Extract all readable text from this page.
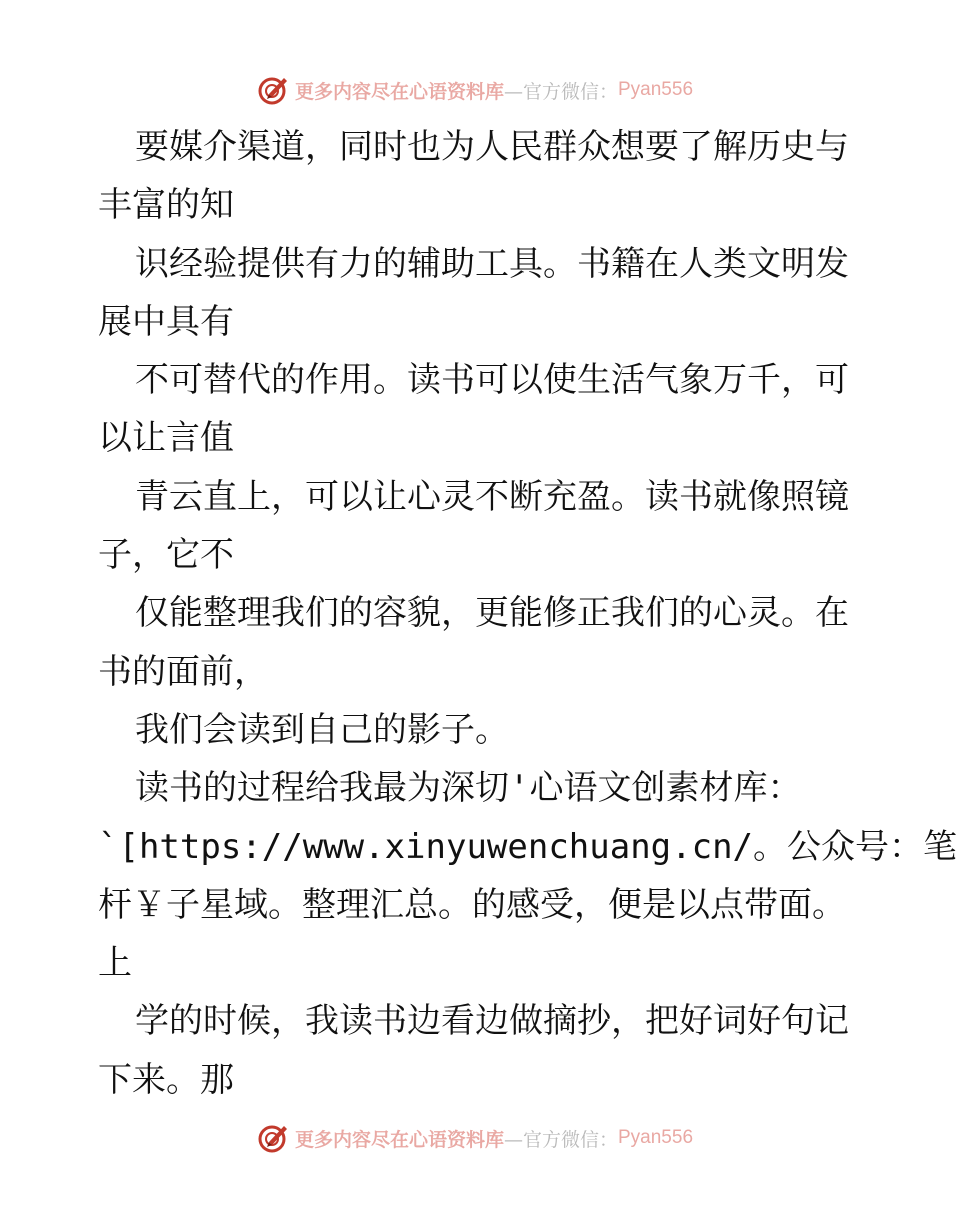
更多内容尽在心语资料库 —官方微信： Pyan556
要媒介渠道，同时也为人民群众想要了解历史与
丰富的知
识经验提供有力的辅助工具。书籍在人类文明发
展中具有
不可替代的作用。读书可以使生活气象万千，可
以让言值
青云直上，可以让心灵不断充盈。读书就像照镜
子，它不
仅能整理我们的容貌，更能修正我们的心灵。在
书的面前，
我们会读到自己的影子。
读书的过程给我最为深切'心语文创素材库：
`[https://www.xinyuwenchuang.cn/。公众号：笔
杆￥子星域。整理汇总。的感受，便是以点带面。
上
学的时候，我读书边看边做摘抄，把好词好句记
下来。那
更多内容尽在心语资料库 —官方微信： Pyan556
